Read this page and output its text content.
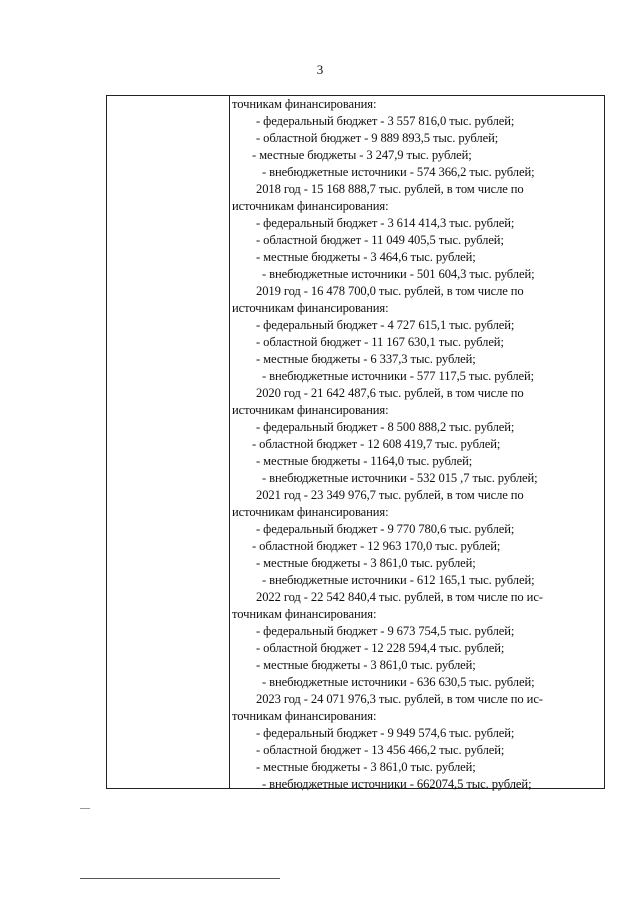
3
точникам финансирования:
- федеральный бюджет - 3 557 816,0 тыс. рублей;
- областной бюджет - 9 889 893,5 тыс. рублей;
- местные бюджеты - 3 247,9 тыс. рублей;
- внебюджетные источники - 574 366,2 тыс. рублей;
2018 год - 15 168 888,7 тыс. рублей, в том числе по
источникам финансирования:
- федеральный бюджет - 3 614 414,3 тыс. рублей;
- областной бюджет - 11 049 405,5 тыс. рублей;
- местные бюджеты - 3 464,6 тыс. рублей;
- внебюджетные источники - 501 604,3 тыс. рублей;
2019 год - 16 478 700,0 тыс. рублей, в том числе по
источникам финансирования:
- федеральный бюджет - 4 727 615,1 тыс. рублей;
- областной бюджет - 11 167 630,1 тыс. рублей;
- местные бюджеты - 6 337,3 тыс. рублей;
- внебюджетные источники - 577 117,5 тыс. рублей;
2020 год - 21 642 487,6 тыс. рублей, в том числе по
источникам финансирования:
- федеральный бюджет - 8 500 888,2 тыс. рублей;
- областной бюджет - 12 608 419,7 тыс. рублей;
- местные бюджеты - 1164,0 тыс. рублей;
- внебюджетные источники - 532 015 ,7 тыс. рублей;
2021 год - 23 349 976,7 тыс. рублей, в том числе по
источникам финансирования:
- федеральный бюджет - 9 770 780,6 тыс. рублей;
- областной бюджет - 12 963 170,0 тыс. рублей;
- местные бюджеты - 3 861,0 тыс. рублей;
- внебюджетные источники - 612 165,1 тыс. рублей;
2022 год - 22 542 840,4 тыс. рублей, в том числе по ис-
точникам финансирования:
- федеральный бюджет - 9 673 754,5 тыс. рублей;
- областной бюджет - 12 228 594,4 тыс. рублей;
- местные бюджеты - 3 861,0 тыс. рублей;
- внебюджетные источники - 636 630,5 тыс. рублей;
2023 год - 24 071 976,3 тыс. рублей, в том числе по ис-
точникам финансирования:
- федеральный бюджет - 9 949 574,6 тыс. рублей;
- областной бюджет - 13 456 466,2 тыс. рублей;
- местные бюджеты - 3 861,0 тыс. рублей;
- внебюджетные источники - 662074,5 тыс. рублей;
